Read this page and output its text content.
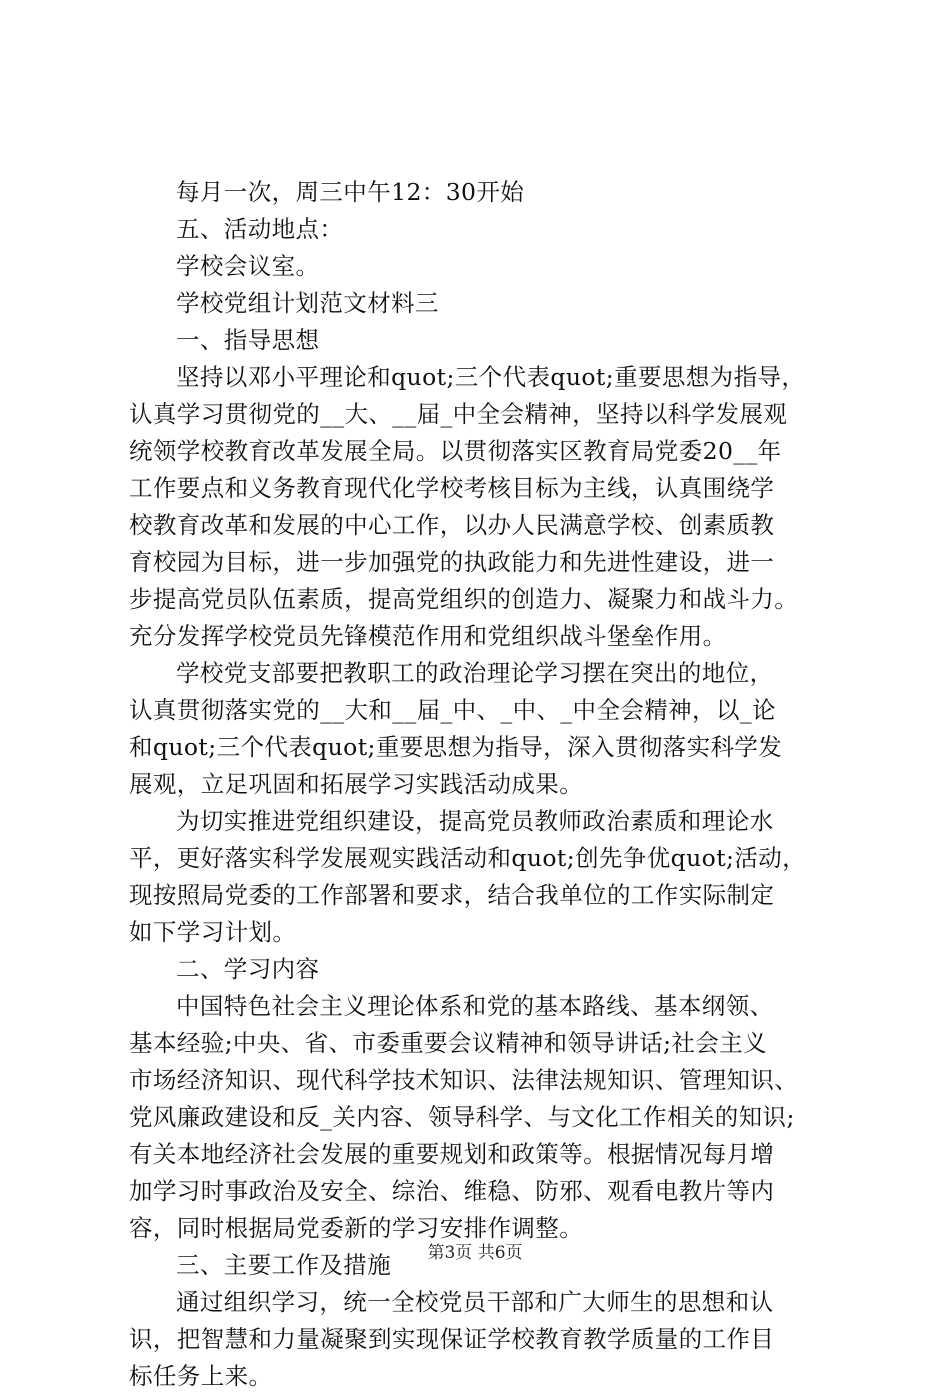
每月一次，周三中午12：30开始
五、活动地点：
学校会议室。
学校党组计划范文材料三
一、指导思想
坚持以邓小平理论和quot;三个代表quot;重要思想为指导，
认真学习贯彻党的__大、__届_中全会精神，坚持以科学发展观
统领学校教育改革发展全局。以贯彻落实区教育局党委20__年
工作要点和义务教育现代化学校考核目标为主线，认真围绕学
校教育改革和发展的中心工作，以办人民满意学校、创素质教
育校园为目标，进一步加强党的执政能力和先进性建设，进一
步提高党员队伍素质，提高党组织的创造力、凝聚力和战斗力。
充分发挥学校党员先锋模范作用和党组织战斗堡垒作用。
学校党支部要把教职工的政治理论学习摆在突出的地位，
认真贯彻落实党的__大和__届_中、_中、_中全会精神，以_论
和quot;三个代表quot;重要思想为指导，深入贯彻落实科学发
展观，立足巩固和拓展学习实践活动成果。
为切实推进党组织建设，提高党员教师政治素质和理论水
平，更好落实科学发展观实践活动和quot;创先争优quot;活动，
现按照局党委的工作部署和要求，结合我单位的工作实际制定
如下学习计划。
二、学习内容
中国特色社会主义理论体系和党的基本路线、基本纲领、
基本经验;中央、省、市委重要会议精神和领导讲话;社会主义
市场经济知识、现代科学技术知识、法律法规知识、管理知识、
党风廉政建设和反_关内容、领导科学、与文化工作相关的知识;
有关本地经济社会发展的重要规划和政策等。根据情况每月增
加学习时事政治及安全、综治、维稳、防邪、观看电教片等内
容，同时根据局党委新的学习安排作调整。
三、主要工作及措施
通过组织学习，统一全校党员干部和广大师生的思想和认
识，把智慧和力量凝聚到实现保证学校教育教学质量的工作目
标任务上来。
第3页 共6页
